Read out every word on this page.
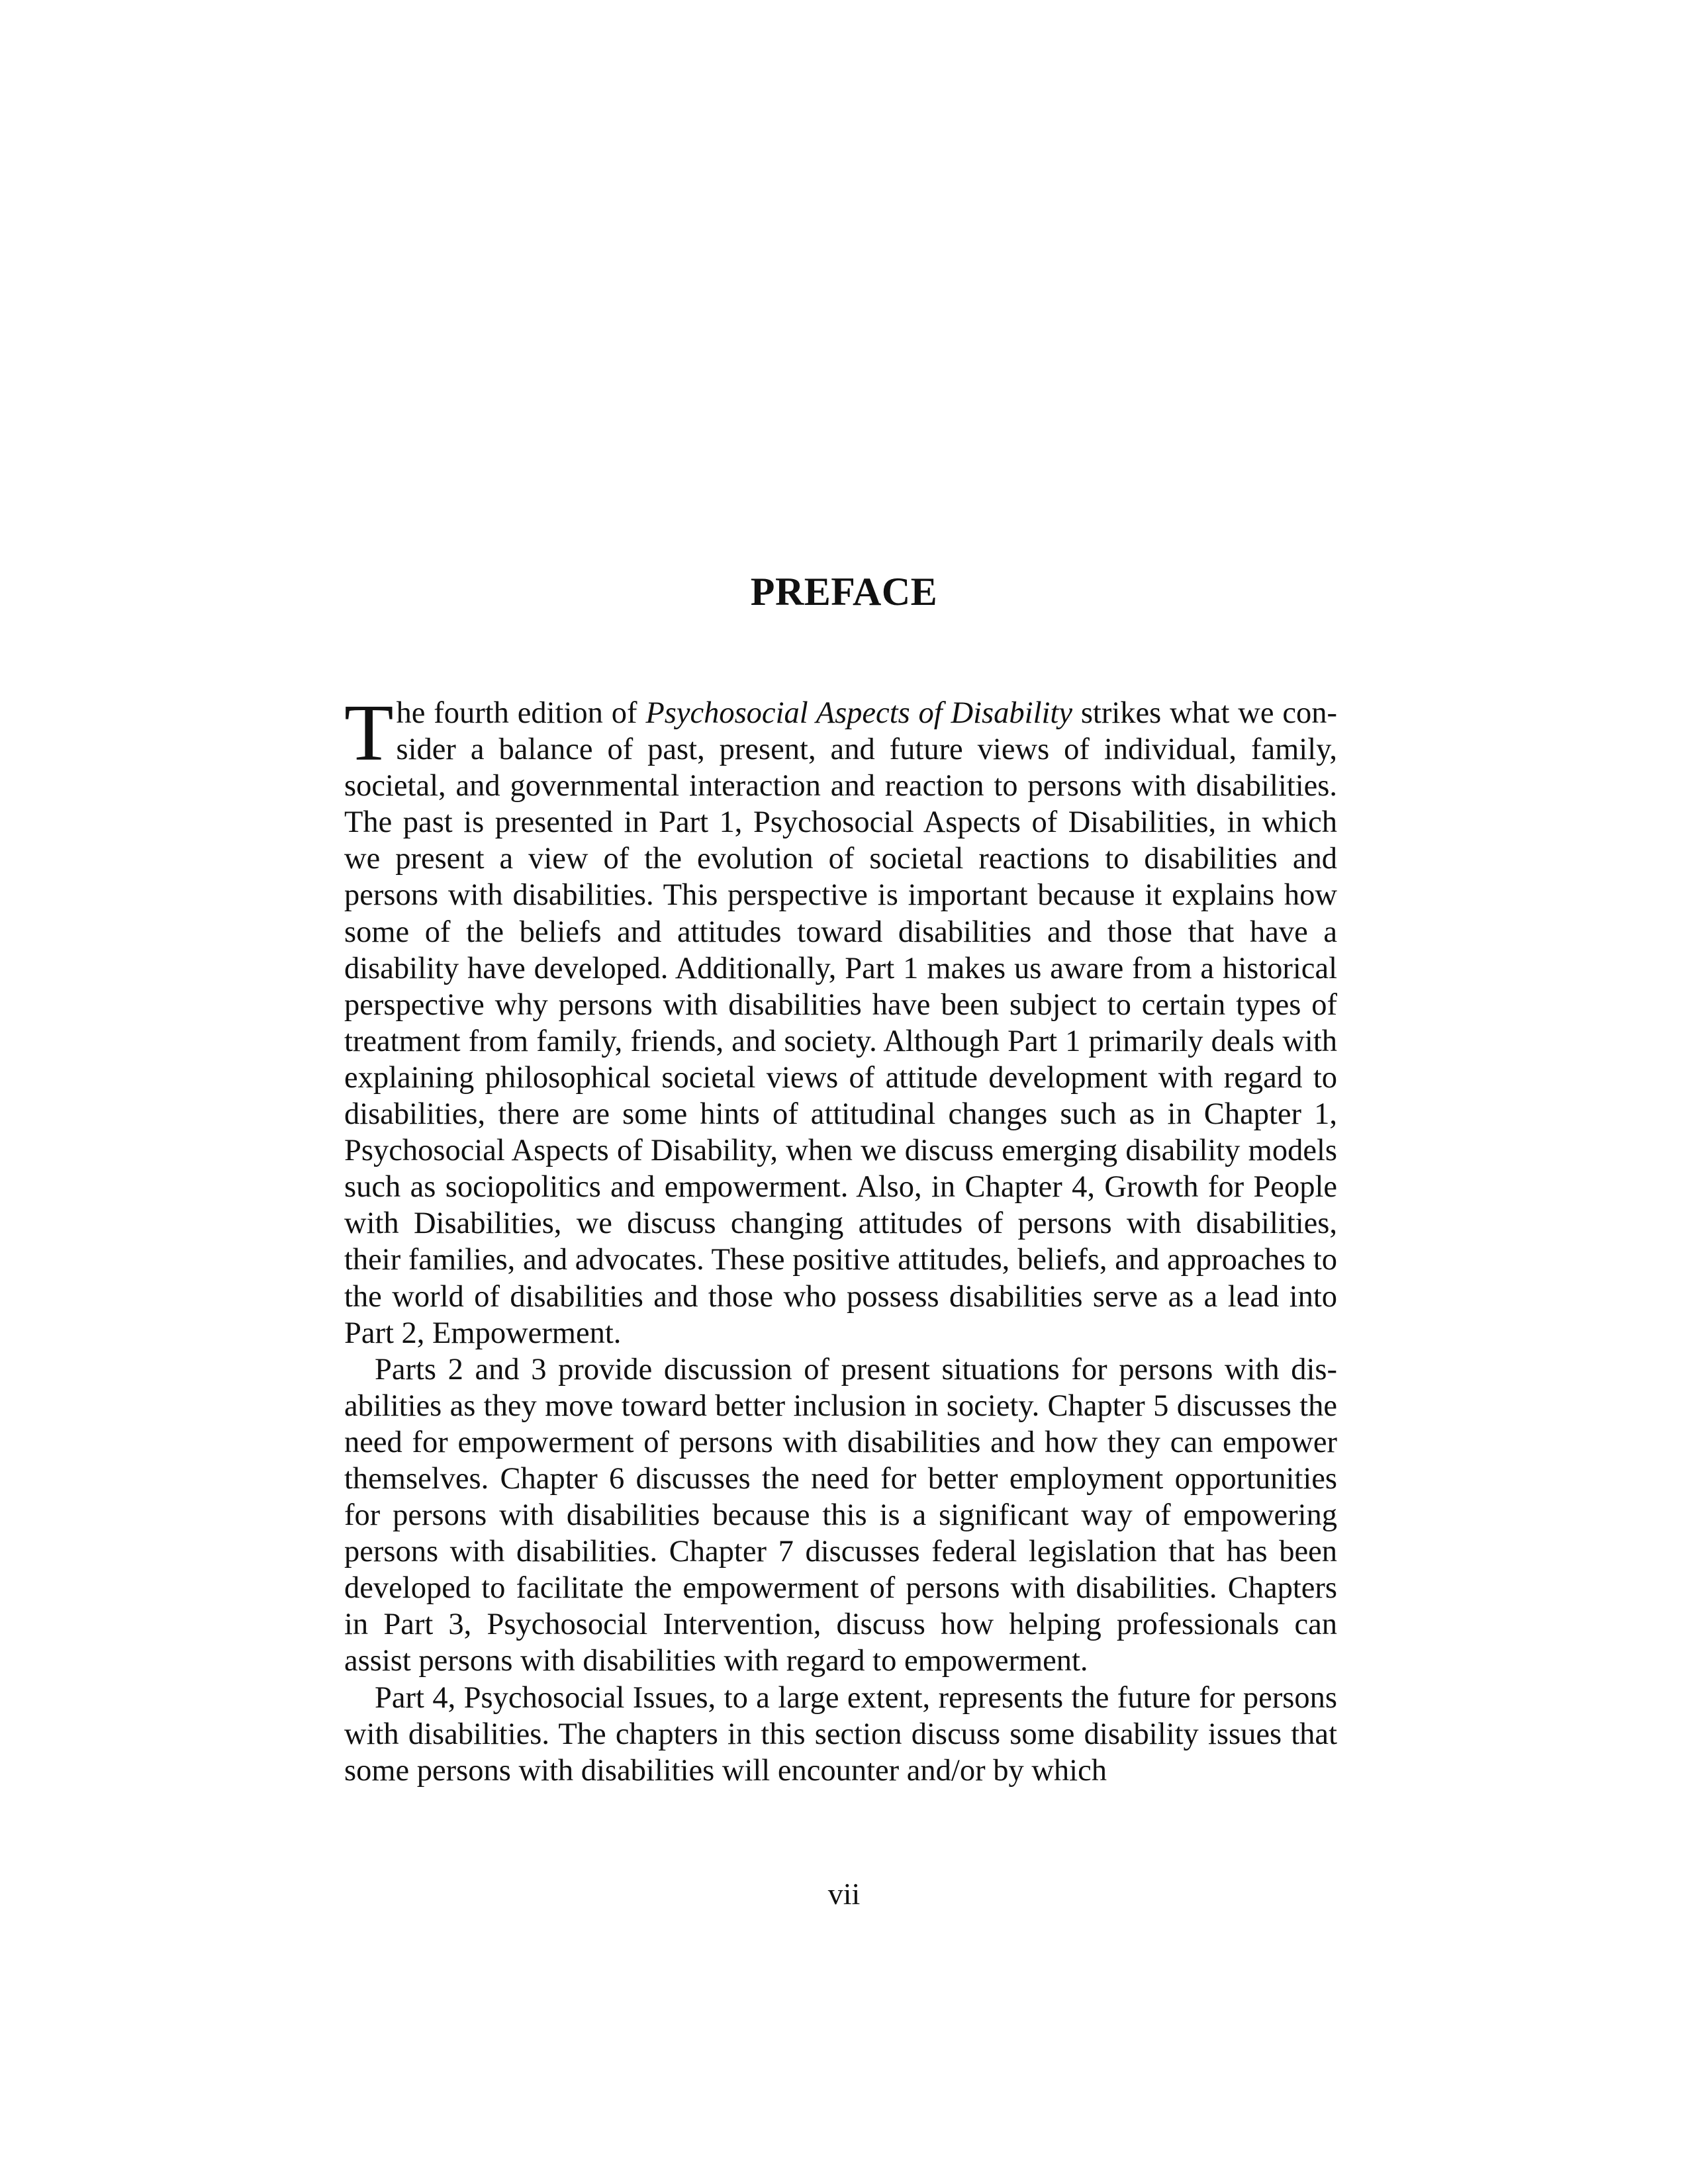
PREFACE

The fourth edition of Psychosocial Aspects of Disability strikes what we consider a balance of past, present, and future views of individual, family, societal, and governmental interaction and reaction to persons with disabilities. The past is presented in Part 1, Psychosocial Aspects of Disabilities, in which we present a view of the evolution of societal reactions to disabilities and persons with disabilities. This perspective is important because it explains how some of the beliefs and attitudes toward disabilities and those that have a disability have developed. Additionally, Part 1 makes us aware from a historical perspective why persons with disabilities have been subject to certain types of treatment from family, friends, and society. Although Part 1 primarily deals with explaining philosophical societal views of attitude development with regard to disabilities, there are some hints of attitudinal changes such as in Chapter 1, Psychosocial Aspects of Disability, when we discuss emerging disability models such as sociopolitics and empowerment. Also, in Chapter 4, Growth for People with Disabilities, we discuss changing attitudes of persons with disabilities, their families, and advocates. These positive attitudes, beliefs, and approaches to the world of disabilities and those who possess disabilities serve as a lead into Part 2, Empowerment.

Parts 2 and 3 provide discussion of present situations for persons with disabilities as they move toward better inclusion in society. Chapter 5 discusses the need for empowerment of persons with disabilities and how they can empower themselves. Chapter 6 discusses the need for better employment opportunities for persons with disabilities because this is a significant way of empowering persons with disabilities. Chapter 7 discusses federal legislation that has been developed to facilitate the empowerment of persons with disabilities. Chapters in Part 3, Psychosocial Intervention, discuss how helping professionals can assist persons with disabilities with regard to empowerment.

Part 4, Psychosocial Issues, to a large extent, represents the future for persons with disabilities. The chapters in this section discuss some disability issues that some persons with disabilities will encounter and/or by which

vii
